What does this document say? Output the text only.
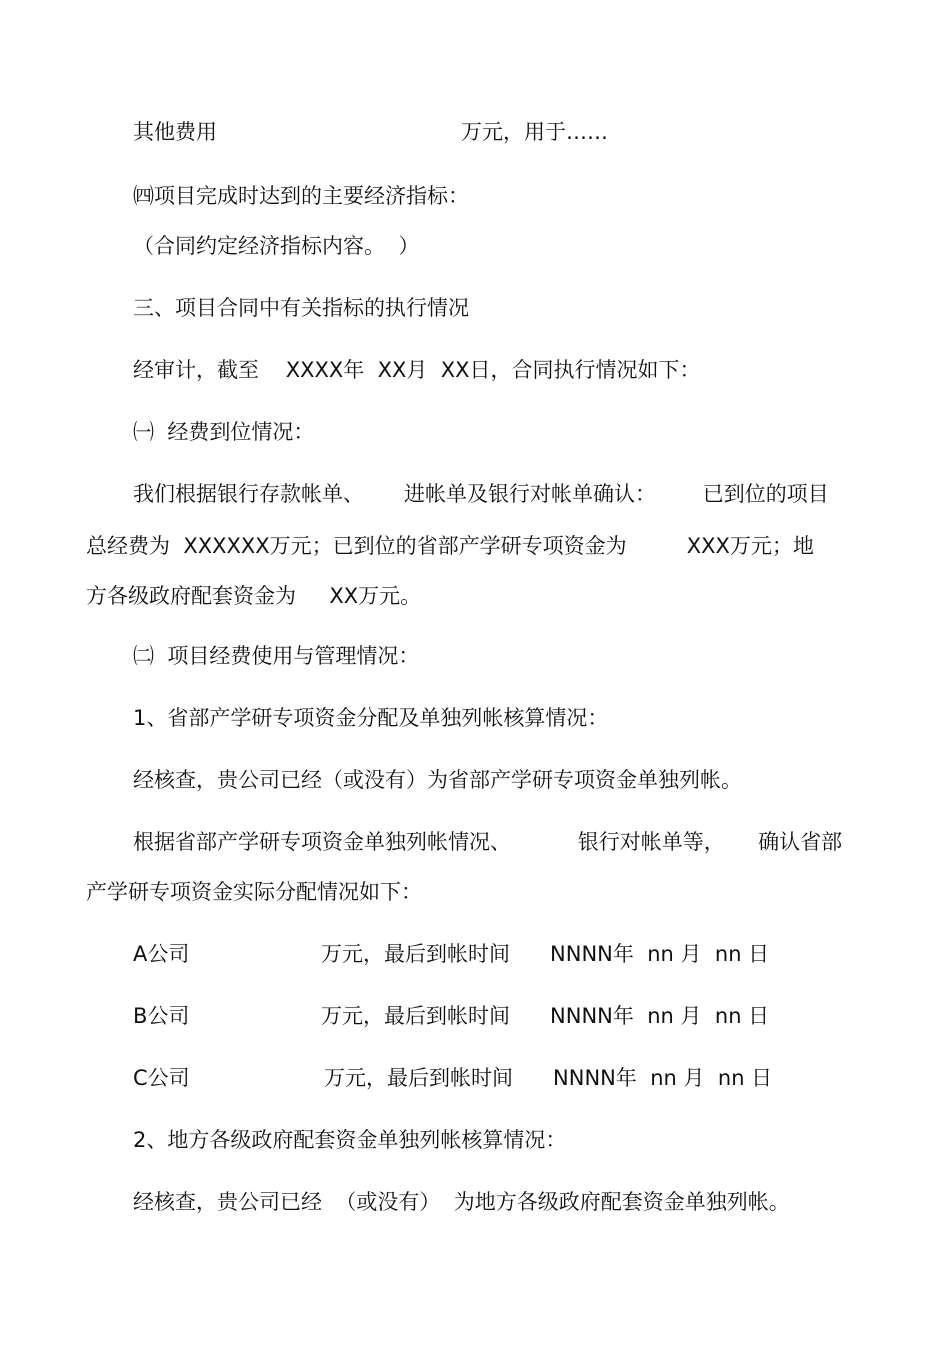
其他费用	万元，用于……

㈣项目完成时达到的主要经济指标：

（合同约定经济指标内容。  ）

三、项目合同中有关指标的执行情况

经审计，截至    XXXX年  XX月  XX日，合同执行情况如下：

㈠  经费到位情况：

我们根据银行存款帐单、      进帐单及银行对帐单确认：       已到位的项目

总经费为  XXXXXX万元；已到位的省部产学研专项资金为         XXX万元；地

方各级政府配套资金为     XX万元。

㈡  项目经费使用与管理情况：

1、省部产学研专项资金分配及单独列帐核算情况：

经核查，贵公司已经（或没有）为省部产学研专项资金单独列帐。

根据省部产学研专项资金单独列帐情况、          银行对帐单等，     确认省部

产学研专项资金实际分配情况如下：

A公司	万元，最后到帐时间      NNNN年  nn 月  nn 日

B公司	万元，最后到帐时间      NNNN年  nn 月  nn 日

C公司	万元，最后到帐时间      NNNN年  nn 月  nn 日

2、地方各级政府配套资金单独列帐核算情况：

经核查，贵公司已经  （或没有）  为地方各级政府配套资金单独列帐。
